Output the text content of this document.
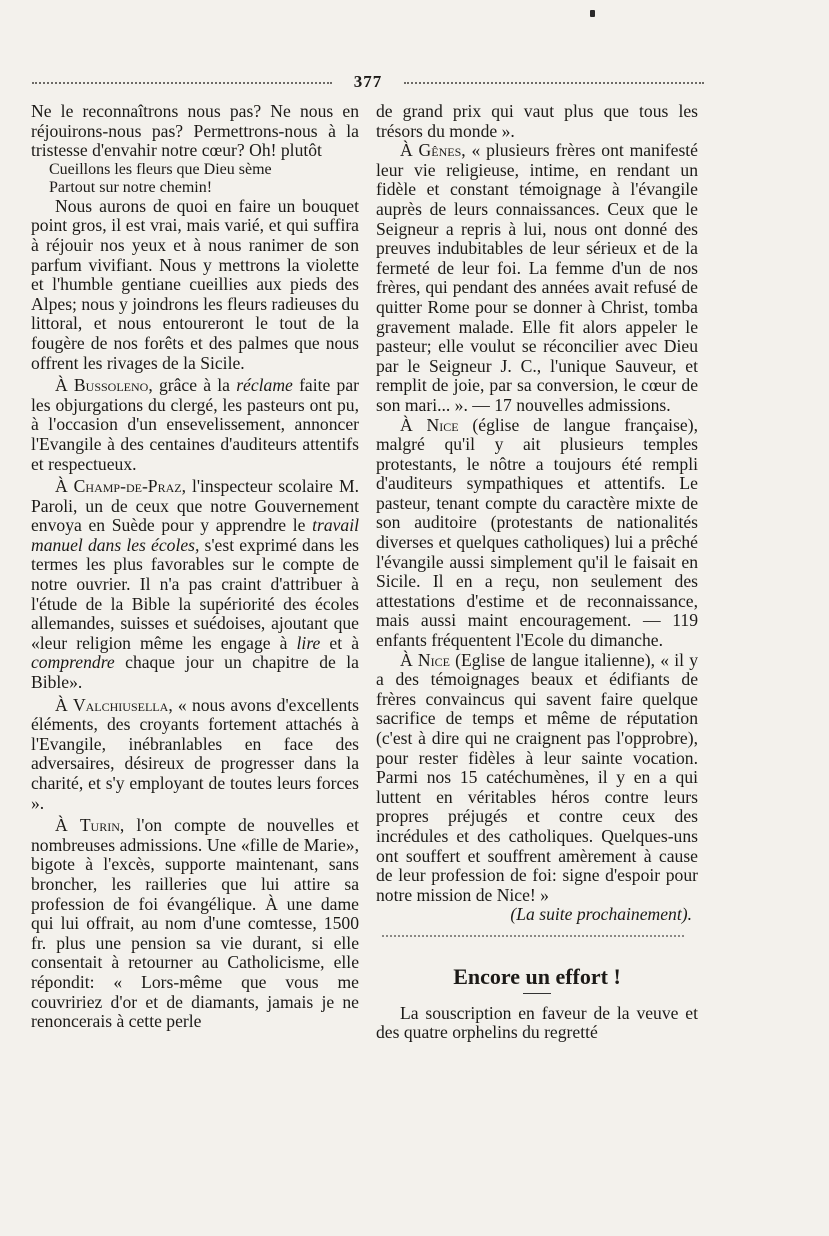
377

Ne le reconnaîtrons nous pas? Ne nous en réjouirons-nous pas? Permettrons-nous à la tristesse d'envahir notre cœur? Oh! plutôt

Cueillons les fleurs que Dieu sème

Partout sur notre chemin!

Nous aurons de quoi en faire un bouquet point gros, il est vrai, mais varié, et qui suffira à réjouir nos yeux et à nous ranimer de son parfum vivifiant. Nous y mettrons la violette et l'humble gentiane cueillies aux pieds des Alpes; nous y joindrons les fleurs radieuses du littoral, et nous entoureront le tout de la fougère de nos forêts et des palmes que nous offrent les rivages de la Sicile.

À Bussoleno, grâce à la réclame faite par les objurgations du clergé, les pasteurs ont pu, à l'occasion d'un ensevelissement, annoncer l'Evangile à des centaines d'auditeurs attentifs et respectueux.

À Champ-de-Praz, l'inspecteur scolaire M. Paroli, un de ceux que notre Gouvernement envoya en Suède pour y apprendre le travail manuel dans les écoles, s'est exprimé dans les termes les plus favorables sur le compte de notre ouvrier. Il n'a pas craint d'attribuer à l'étude de la Bible la supériorité des écoles allemandes, suisses et suédoises, ajoutant que «leur religion même les engage à lire et à comprendre chaque jour un chapitre de la Bible».

À Valchiusella, « nous avons d'excellents éléments, des croyants fortement attachés à l'Evangile, inébranlables en face des adversaires, désireux de progresser dans la charité, et s'y employant de toutes leurs forces ».

À Turin, l'on compte de nouvelles et nombreuses admissions. Une «fille de Marie», bigote à l'excès, supporte maintenant, sans broncher, les railleries que lui attire sa profession de foi évangélique. À une dame qui lui offrait, au nom d'une comtesse, 1500 fr. plus une pension sa vie durant, si elle consentait à retourner au Catholicisme, elle répondit: « Lors-même que vous me couvririez d'or et de diamants, jamais je ne renoncerais à cette perle

de grand prix qui vaut plus que tous les trésors du monde ».

À Gênes, « plusieurs frères ont manifesté leur vie religieuse, intime, en rendant un fidèle et constant témoignage à l'évangile auprès de leurs connaissances. Ceux que le Seigneur a repris à lui, nous ont donné des preuves indubitables de leur sérieux et de la fermeté de leur foi. La femme d'un de nos frères, qui pendant des années avait refusé de quitter Rome pour se donner à Christ, tomba gravement malade. Elle fit alors appeler le pasteur; elle voulut se réconcilier avec Dieu par le Seigneur J. C., l'unique Sauveur, et remplit de joie, par sa conversion, le cœur de son mari... ». — 17 nouvelles admissions.

À Nice (église de langue française), malgré qu'il y ait plusieurs temples protestants, le nôtre a toujours été rempli d'auditeurs sympathiques et attentifs. Le pasteur, tenant compte du caractère mixte de son auditoire (protestants de nationalités diverses et quelques catholiques) lui a prêché l'évangile aussi simplement qu'il le faisait en Sicile. Il en a reçu, non seulement des attestations d'estime et de reconnaissance, mais aussi maint encouragement. — 119 enfants fréquentent l'Ecole du dimanche.

À Nice (Eglise de langue italienne), « il y a des témoignages beaux et édifiants de frères convaincus qui savent faire quelque sacrifice de temps et même de réputation (c'est à dire qui ne craignent pas l'opprobre), pour rester fidèles à leur sainte vocation. Parmi nos 15 catéchumènes, il y en a qui luttent en véritables héros contre leurs propres préjugés et contre ceux des incrédules et des catholiques. Quelques-uns ont souffert et souffrent amèrement à cause de leur profession de foi: signe d'espoir pour notre mission de Nice! »

(La suite prochainement).

Encore un effort !

La souscription en faveur de la veuve et des quatre orphelins du regretté
